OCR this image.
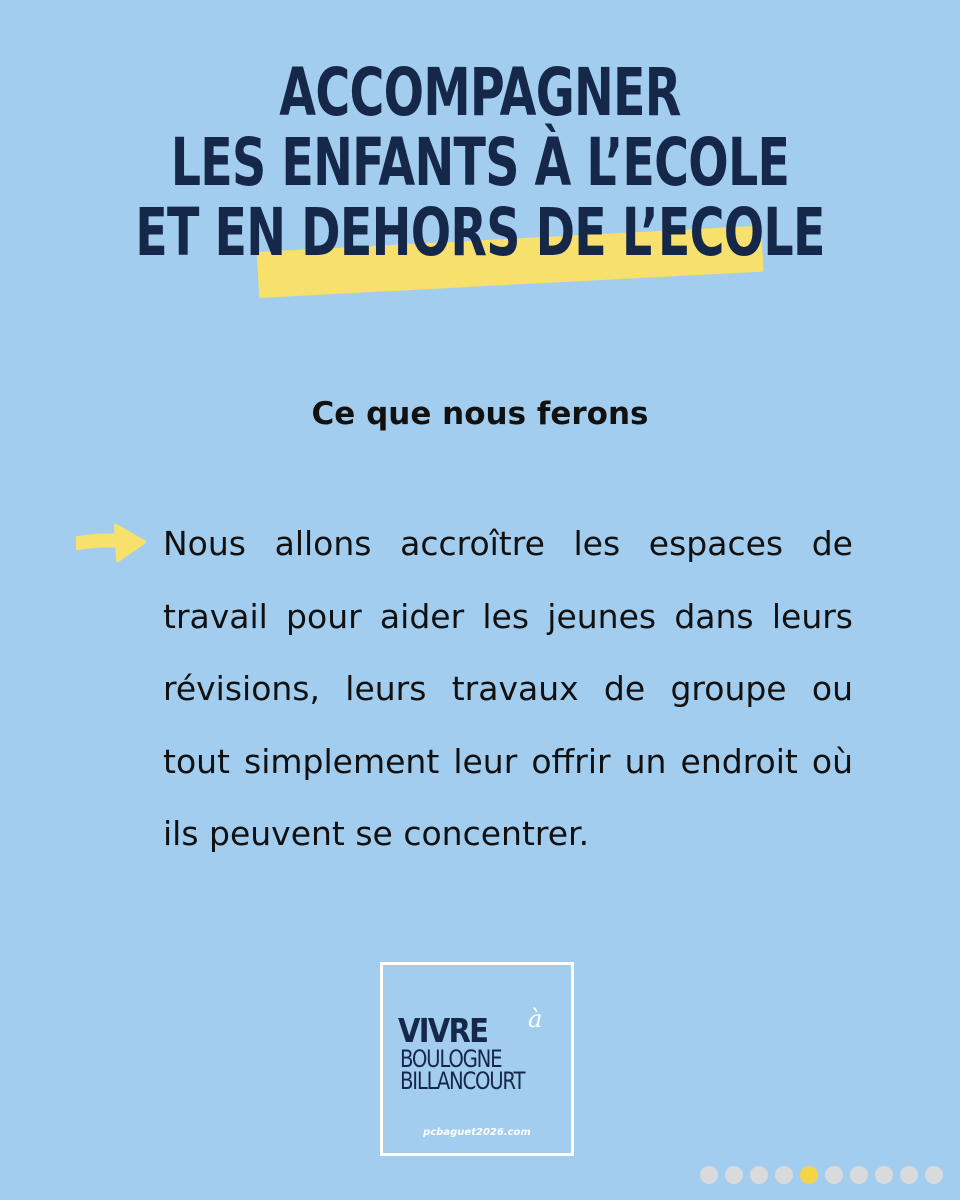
ACCOMPAGNER
LES ENFANTS À L’ECOLE
ET EN DEHORS DE L’ECOLE
Ce que nous ferons
Nous allons accroître les espaces de travail pour aider les jeunes dans leurs révisions, leurs travaux de groupe ou tout simplement leur offrir un endroit où ils peuvent se concentrer.
VIVRE à
BOULOGNE
BILLANCOURT
pcbaguet2026.com
